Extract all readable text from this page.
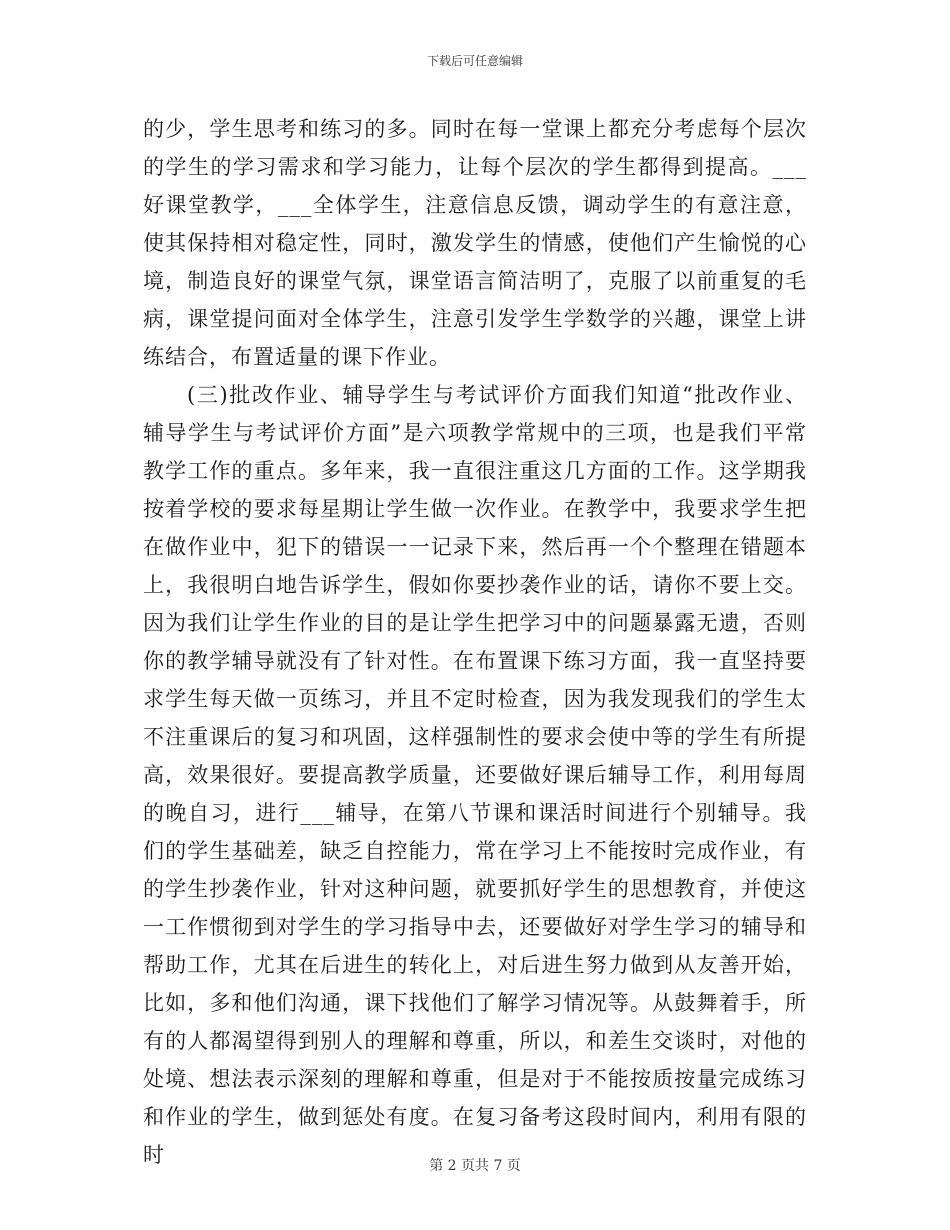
下载后可任意编辑

的少，学生思考和练习的多。同时在每一堂课上都充分考虑每个层次的学生的学习需求和学习能力，让每个层次的学生都得到提高。___好课堂教学，___全体学生，注意信息反馈，调动学生的有意注意，使其保持相对稳定性，同时，激发学生的情感，使他们产生愉悦的心境，制造良好的课堂气氛，课堂语言简洁明了，克服了以前重复的毛病，课堂提问面对全体学生，注意引发学生学数学的兴趣，课堂上讲练结合，布置适量的课下作业。

(三)批改作业、辅导学生与考试评价方面我们知道“批改作业、辅导学生与考试评价方面”是六项教学常规中的三项，也是我们平常教学工作的重点。多年来，我一直很注重这几方面的工作。这学期我按着学校的要求每星期让学生做一次作业。在教学中，我要求学生把在做作业中，犯下的错误一一记录下来，然后再一个个整理在错题本上，我很明白地告诉学生，假如你要抄袭作业的话，请你不要上交。因为我们让学生作业的目的是让学生把学习中的问题暴露无遗，否则你的教学辅导就没有了针对性。在布置课下练习方面，我一直坚持要求学生每天做一页练习，并且不定时检查，因为我发现我们的学生太不注重课后的复习和巩固，这样强制性的要求会使中等的学生有所提高，效果很好。要提高教学质量，还要做好课后辅导工作，利用每周的晚自习，进行___辅导，在第八节课和课活时间进行个别辅导。我们的学生基础差，缺乏自控能力，常在学习上不能按时完成作业，有的学生抄袭作业，针对这种问题，就要抓好学生的思想教育，并使这一工作惯彻到对学生的学习指导中去，还要做好对学生学习的辅导和帮助工作，尤其在后进生的转化上，对后进生努力做到从友善开始，比如，多和他们沟通，课下找他们了解学习情况等。从鼓舞着手，所有的人都渴望得到别人的理解和尊重，所以，和差生交谈时，对他的处境、想法表示深刻的理解和尊重，但是对于不能按质按量完成练习和作业的学生，做到惩处有度。在复习备考这段时间内，利用有限的时	第 2 页共 7 页
